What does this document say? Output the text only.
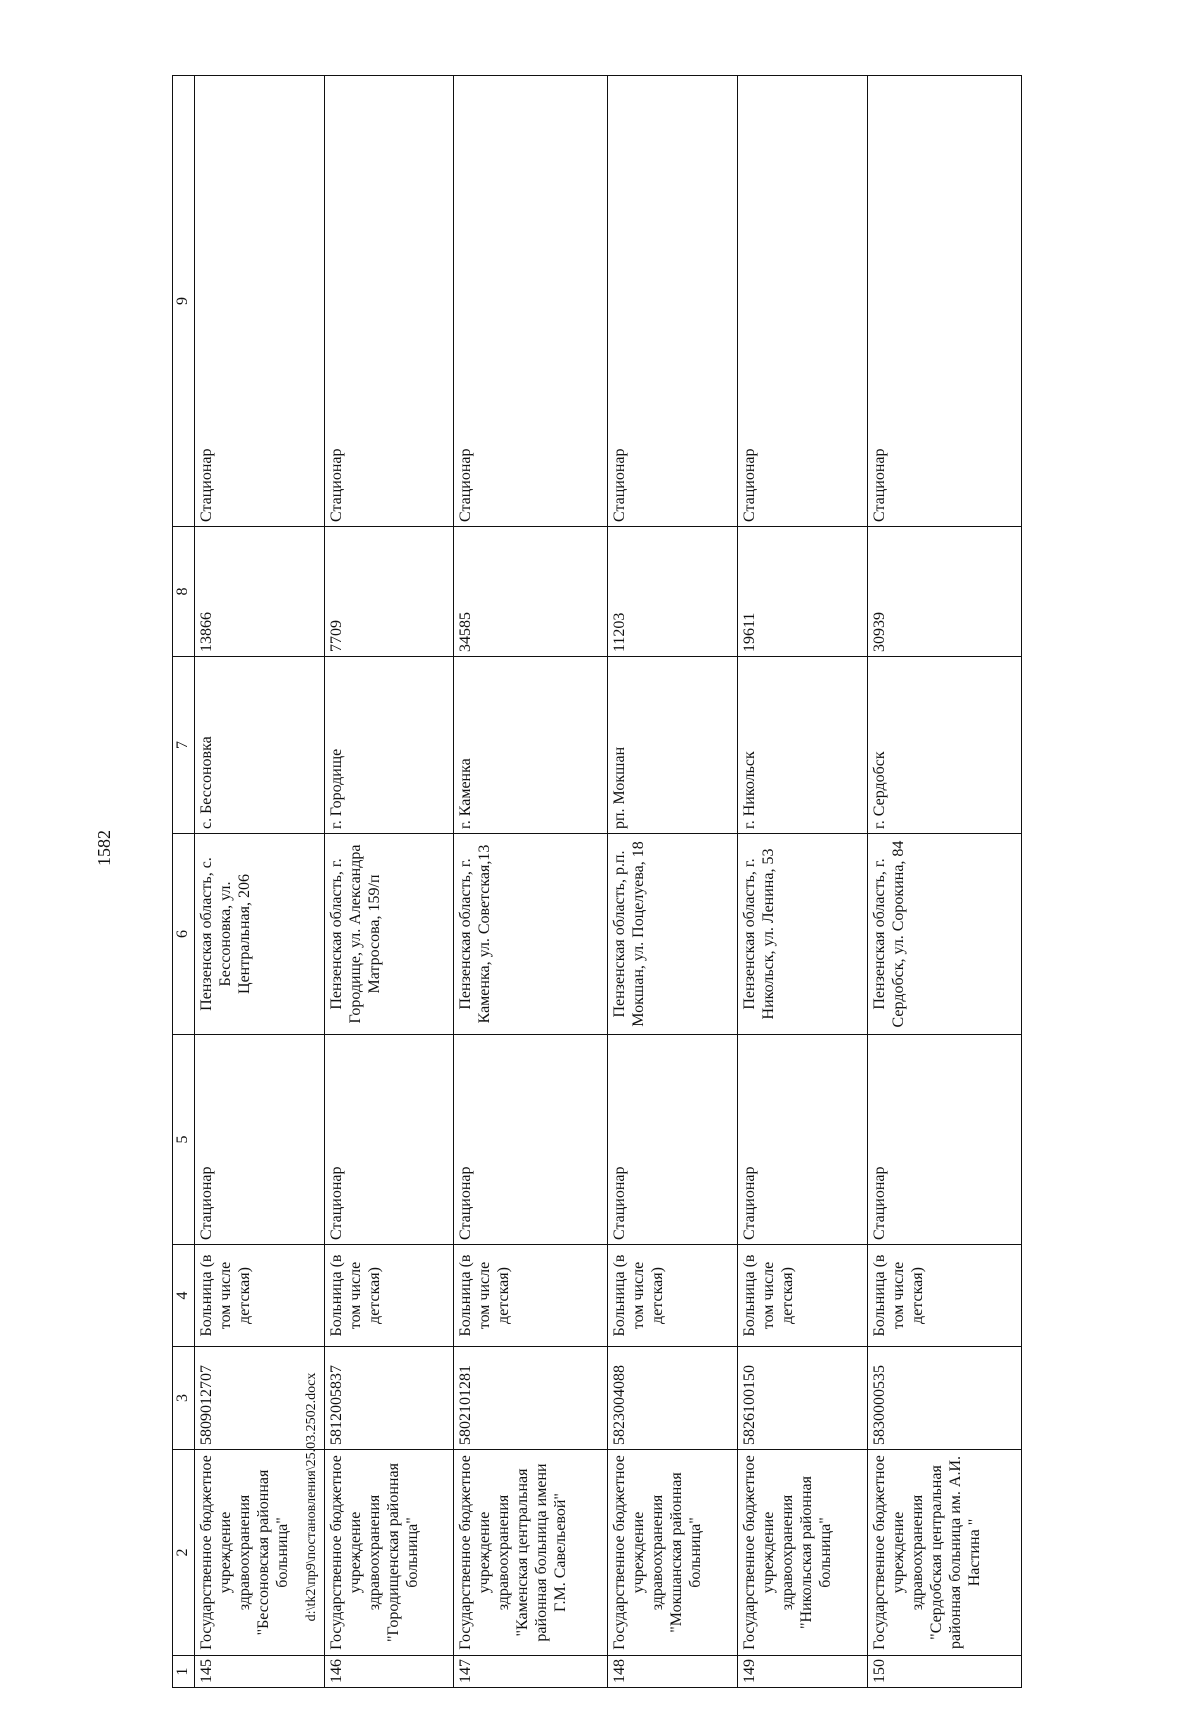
1582
1	2	3	4	5	6	7	8	9
145	Государственное бюджетное учреждение здравоохранения "Бессоновская районная больница"	5809012707	Больница (в том числе детская)	Стационар	Пензенская область, с. Бессоновка, ул. Центральная, 206	с. Бессоновка	13866	Стационар
146	Государственное бюджетное учреждение здравоохранения "Городищенская районная больница"	5812005837	Больница (в том числе детская)	Стационар	Пензенская область, г. Городище, ул. Александра Матросова, 159/п	г. Городище	7709	Стационар
147	Государственное бюджетное учреждение здравоохранения "Каменская центральная районная больница имени Г.М. Савельевой"	5802101281	Больница (в том числе детская)	Стационар	Пензенская область, г. Каменка, ул. Советская,13	г. Каменка	34585	Стационар
148	Государственное бюджетное учреждение здравоохранения "Мокшанская районная больница"	5823004088	Больница (в том числе детская)	Стационар	Пензенская область, р.п. Мокшан, ул. Поцелуева, 18	рп. Мокшан	11203	Стационар
149	Государственное бюджетное учреждение здравоохранения "Никольская районная больница"	5826100150	Больница (в том числе детская)	Стационар	Пензенская область, г. Никольск, ул. Ленина, 53	г. Никольск	19611	Стационар
150	Государственное бюджетное учреждение здравоохранения "Сердобская центральная районная больница им. А.И. Настина "	5830000535	Больница (в том числе детская)	Стационар	Пензенская область, г. Сердобск, ул. Сорокина, 84	г. Сердобск	30939	Стационар
d:\tk2\пр9\постановления\25.03.2502.docx
